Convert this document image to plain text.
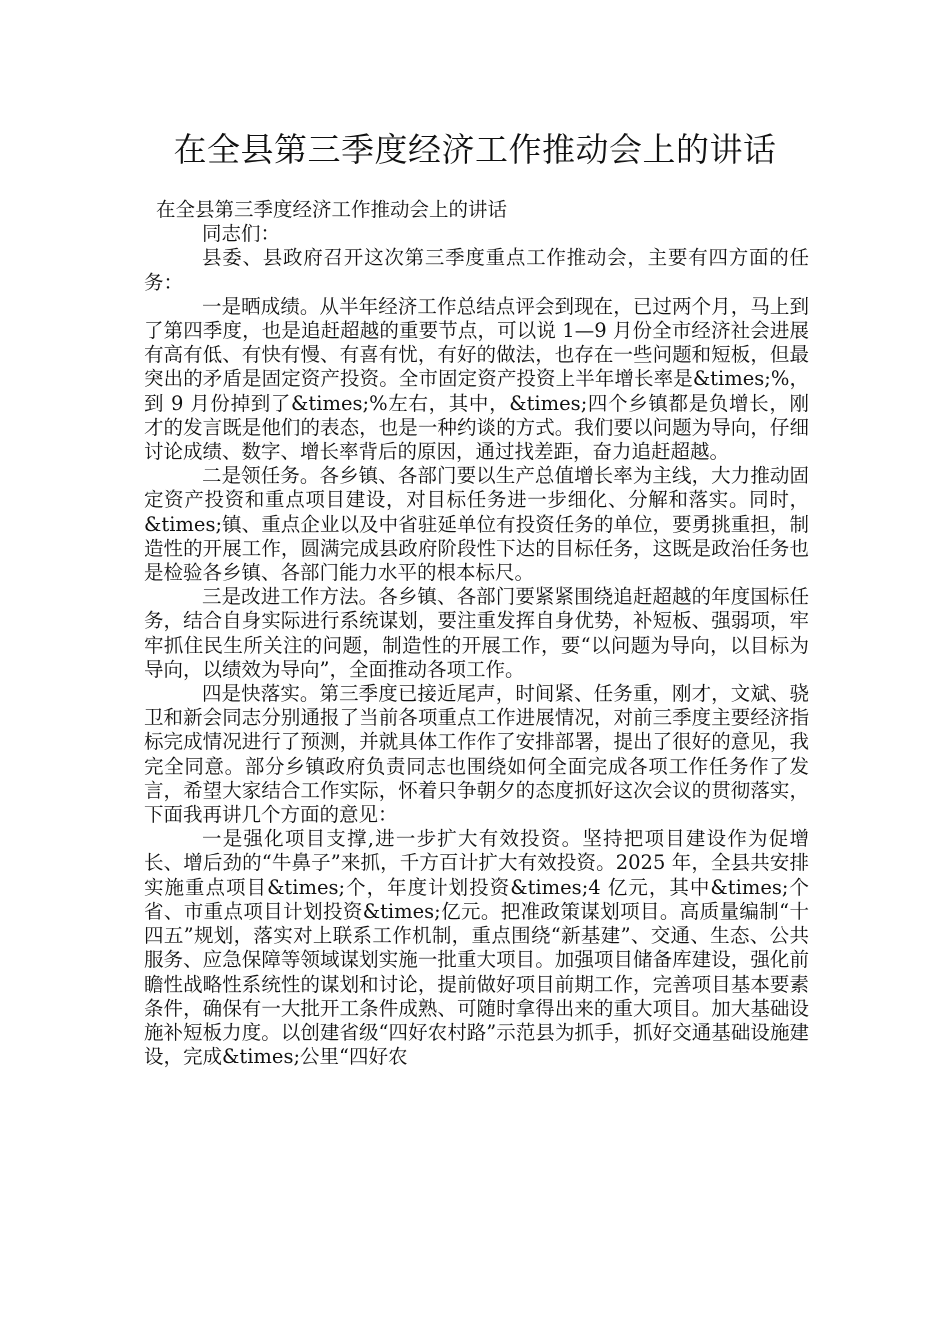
在全县第三季度经济工作推动会上的讲话

在全县第三季度经济工作推动会上的讲话

同志们：

县委、县政府召开这次第三季度重点工作推动会，主要有四方面的任务：

一是晒成绩。从半年经济工作总结点评会到现在，已过两个月，马上到了第四季度，也是追赶超越的重要节点，可以说 1—9 月份全市经济社会进展有高有低、有快有慢、有喜有忧，有好的做法，也存在一些问题和短板，但最突出的矛盾是固定资产投资。全市固定资产投资上半年增长率是&times;%，到 9 月份掉到了&times;%左右，其中，&times;四个乡镇都是负增长，刚才的发言既是他们的表态，也是一种约谈的方式。我们要以问题为导向，仔细讨论成绩、数字、增长率背后的原因，通过找差距，奋力追赶超越。

二是领任务。各乡镇、各部门要以生产总值增长率为主线，大力推动固定资产投资和重点项目建设，对目标任务进一步细化、分解和落实。同时，&times;镇、重点企业以及中省驻延单位有投资任务的单位，要勇挑重担，制造性的开展工作，圆满完成县政府阶段性下达的目标任务，这既是政治任务也是检验各乡镇、各部门能力水平的根本标尺。

三是改进工作方法。各乡镇、各部门要紧紧围绕追赶超越的年度国标任务，结合自身实际进行系统谋划，要注重发挥自身优势，补短板、强弱项，牢牢抓住民生所关注的问题，制造性的开展工作，要“以问题为导向，以目标为导向，以绩效为导向”，全面推动各项工作。

四是快落实。第三季度已接近尾声，时间紧、任务重，刚才，文斌、骁卫和新会同志分别通报了当前各项重点工作进展情况，对前三季度主要经济指标完成情况进行了预测，并就具体工作作了安排部署，提出了很好的意见，我完全同意。部分乡镇政府负责同志也围绕如何全面完成各项工作任务作了发言，希望大家结合工作实际，怀着只争朝夕的态度抓好这次会议的贯彻落实，下面我再讲几个方面的意见：

一是强化项目支撑,进一步扩大有效投资。坚持把项目建设作为促增长、增后劲的“牛鼻子”来抓，千方百计扩大有效投资。2025 年，全县共安排实施重点项目&times;个，年度计划投资&times;4 亿元，其中&times;个省、市重点项目计划投资&times;亿元。把准政策谋划项目。高质量编制“十四五”规划，落实对上联系工作机制，重点围绕“新基建”、交通、生态、公共服务、应急保障等领域谋划实施一批重大项目。加强项目储备库建设，强化前瞻性战略性系统性的谋划和讨论，提前做好项目前期工作，完善项目基本要素条件，确保有一大批开工条件成熟、可随时拿得出来的重大项目。加大基础设施补短板力度。以创建省级“四好农村路”示范县为抓手，抓好交通基础设施建设，完成&times;公里“四好农
